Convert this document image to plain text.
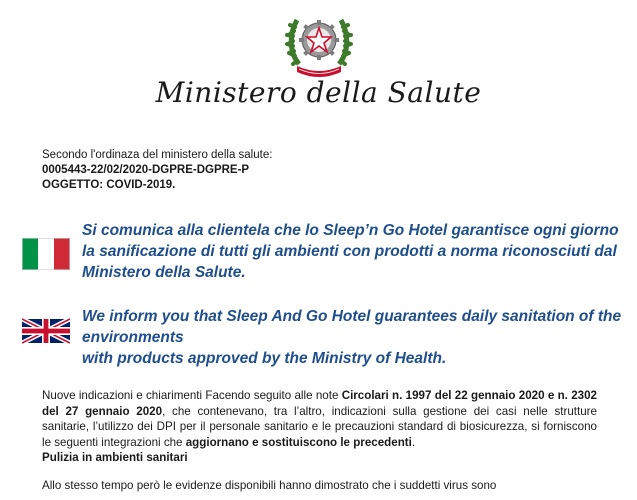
Ministero della Salute
Secondo l'ordinaza del ministero della salute:
0005443-22/02/2020-DGPRE-DGPRE-P
OGGETTO: COVID-2019.
Si comunica alla clientela che lo Sleep’n Go Hotel garantisce ogni giorno
la sanificazione di tutti gli ambienti con prodotti a norma riconosciuti dal
Ministero della Salute.
We inform you that Sleep And Go Hotel guarantees daily sanitation of the
environments
with products approved by the Ministry of Health.

Nuove indicazioni e chiarimenti Facendo seguito alle note Circolari n. 1997 del 22 gennaio 2020 e n. 2302 del 27 gennaio 2020, che contenevano, tra l’altro, indicazioni sulla gestione dei casi nelle strutture sanitarie, l’utilizzo dei DPI per il personale sanitario e le precauzioni standard di biosicurezza, si forniscono le seguenti integrazioni che aggiornano e sostituiscono le precedenti.
Pulizia in ambienti sanitari

Allo stesso tempo però le evidenze disponibili hanno dimostrato che i suddetti virus sono
